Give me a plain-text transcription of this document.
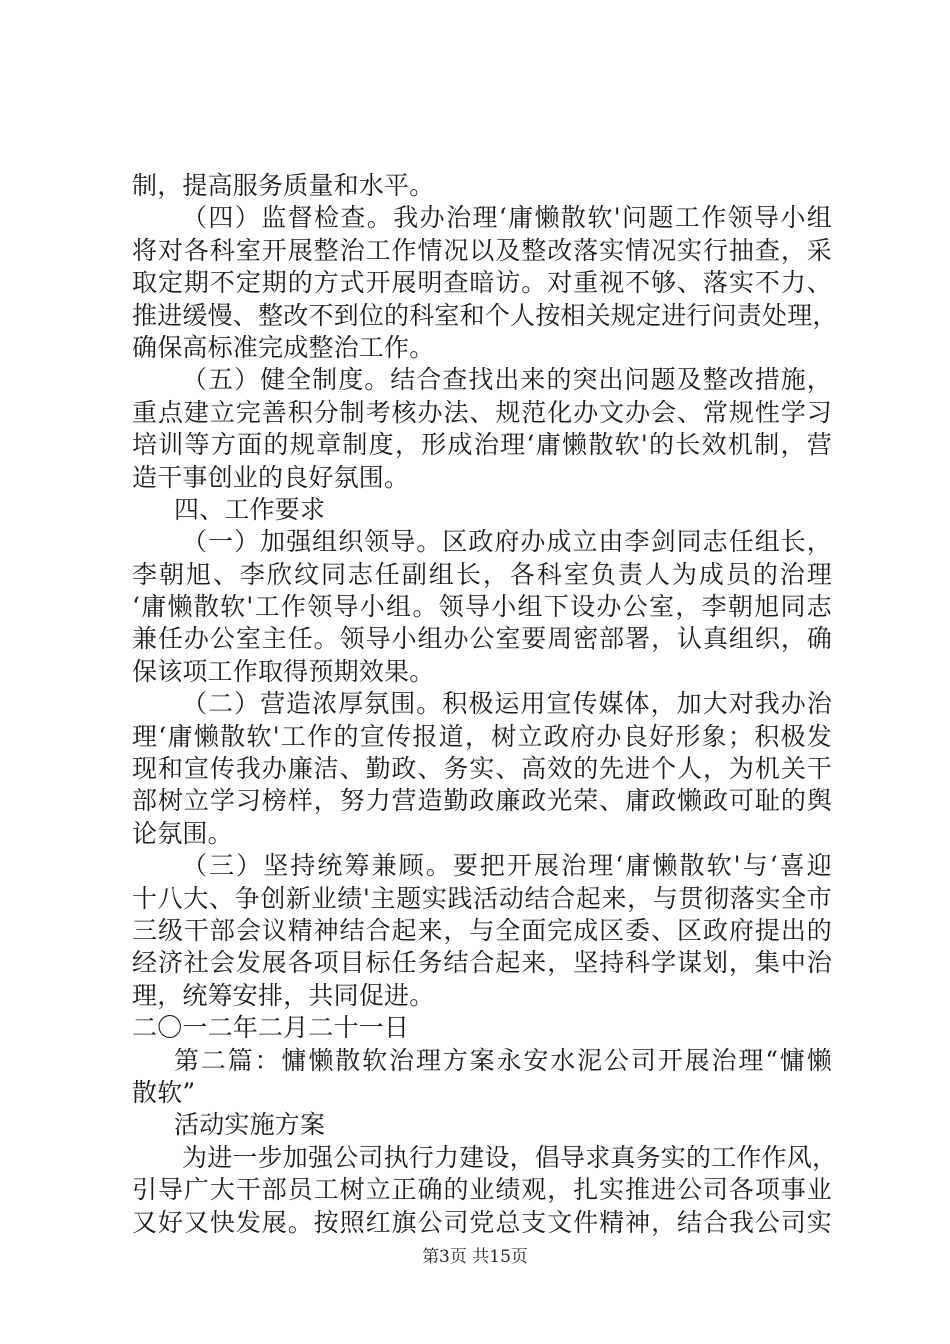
制，提高服务质量和水平。
（四）监督检查。我办治理‘庸懒散软'问题工作领导小组
将对各科室开展整治工作情况以及整改落实情况实行抽查，采
取定期不定期的方式开展明查暗访。对重视不够、落实不力、
推进缓慢、整改不到位的科室和个人按相关规定进行问责处理，
确保高标准完成整治工作。
（五）健全制度。结合查找出来的突出问题及整改措施，
重点建立完善积分制考核办法、规范化办文办会、常规性学习
培训等方面的规章制度，形成治理‘庸懒散软'的长效机制，营
造干事创业的良好氛围。
四、工作要求
（一）加强组织领导。区政府办成立由李剑同志任组长，
李朝旭、李欣纹同志任副组长，各科室负责人为成员的治理
‘庸懒散软'工作领导小组。领导小组下设办公室，李朝旭同志
兼任办公室主任。领导小组办公室要周密部署，认真组织，确
保该项工作取得预期效果。
（二）营造浓厚氛围。积极运用宣传媒体，加大对我办治
理‘庸懒散软'工作的宣传报道，树立政府办良好形象；积极发
现和宣传我办廉洁、勤政、务实、高效的先进个人，为机关干
部树立学习榜样，努力营造勤政廉政光荣、庸政懒政可耻的舆
论氛围。
（三）坚持统筹兼顾。要把开展治理‘庸懒散软'与‘喜迎
十八大、争创新业绩'主题实践活动结合起来，与贯彻落实全市
三级干部会议精神结合起来，与全面完成区委、区政府提出的
经济社会发展各项目标任务结合起来，坚持科学谋划，集中治
理，统筹安排，共同促进。
二〇一二年二月二十一日
第二篇：慵懒散软治理方案永安水泥公司开展治理“慵懒
散软”
活动实施方案
为进一步加强公司执行力建设，倡导求真务实的工作作风，
引导广大干部员工树立正确的业绩观，扎实推进公司各项事业
又好又快发展。按照红旗公司党总支文件精神，结合我公司实
第3页 共15页
